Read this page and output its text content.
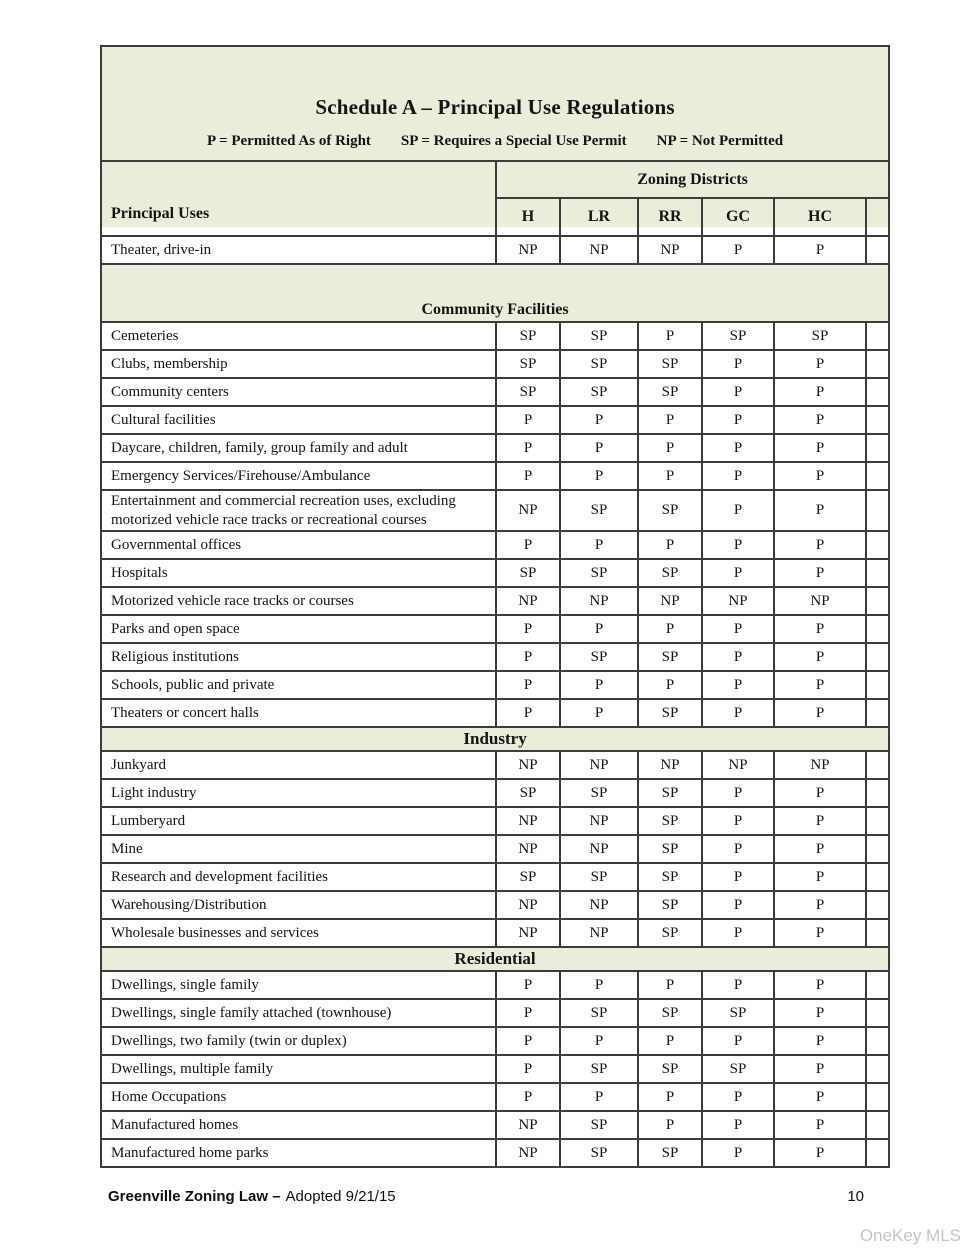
Schedule A – Principal Use Regulations
P = Permitted As of Right SP = Requires a Special Use Permit NP = Not Permitted						

Principal Uses	Zoning Districts					
	H	LR	RR	GC	HC	
Theater, drive-in	NP	NP	NP	P	P	
Community Facilities						
Cemeteries	SP	SP	P	SP	SP	
Clubs, membership	SP	SP	SP	P	P	
Community centers	SP	SP	SP	P	P	
Cultural facilities	P	P	P	P	P	
Daycare, children, family, group family and adult	P	P	P	P	P	
Emergency Services/Firehouse/Ambulance	P	P	P	P	P	
Entertainment and commercial recreation uses, excluding motorized vehicle race tracks or recreational courses	NP	SP	SP	P	P	
Governmental offices	P	P	P	P	P	
Hospitals	SP	SP	SP	P	P	
Motorized vehicle race tracks or courses	NP	NP	NP	NP	NP	
Parks and open space	P	P	P	P	P	
Religious institutions	P	SP	SP	P	P	
Schools, public and private	P	P	P	P	P	
Theaters or concert halls	P	P	SP	P	P	
Industry						
Junkyard	NP	NP	NP	NP	NP	
Light industry	SP	SP	SP	P	P	
Lumberyard	NP	NP	SP	P	P	
Mine	NP	NP	SP	P	P	
Research and development facilities	SP	SP	SP	P	P	
Warehousing/Distribution	NP	NP	SP	P	P	
Wholesale businesses and services	NP	NP	SP	P	P	
Residential						
Dwellings, single family	P	P	P	P	P	
Dwellings, single family attached (townhouse)	P	SP	SP	SP	P	
Dwellings, two family (twin or duplex)	P	P	P	P	P	
Dwellings, multiple family	P	SP	SP	SP	P	
Home Occupations	P	P	P	P	P	
Manufactured homes	NP	SP	P	P	P	
Manufactured home parks	NP	SP	SP	P	P	
Greenville Zoning Law – Adopted 9/21/15	10
OneKey MLS
